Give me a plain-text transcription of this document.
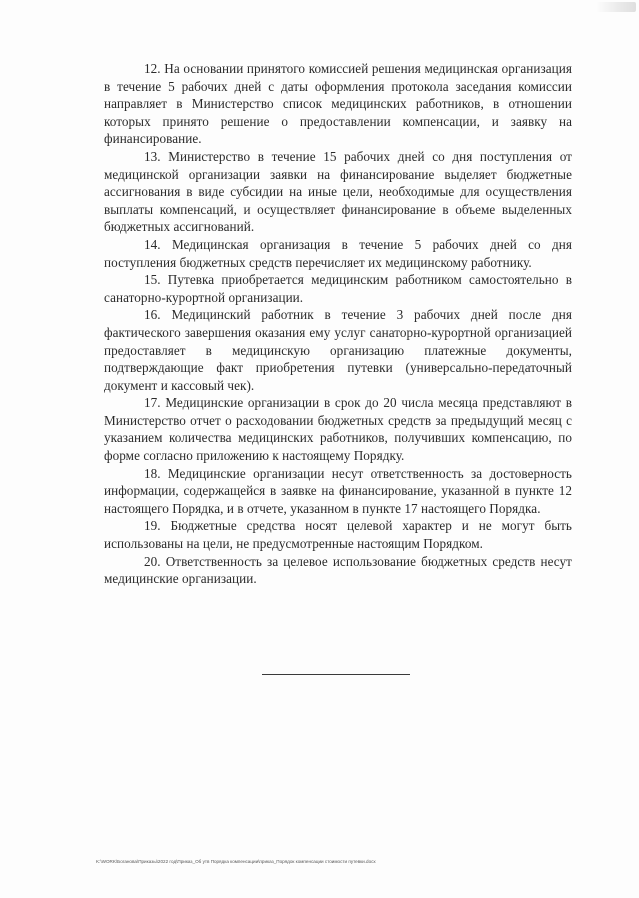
12. На основании принятого комиссией решения медицинская организация в течение 5 рабочих дней с даты оформления протокола заседания комиссии направляет в Министерство список медицинских работников, в отношении которых принято решение о предоставлении компенсации, и заявку на финансирование.

13. Министерство в течение 15 рабочих дней со дня поступления от медицинской организации заявки на финансирование выделяет бюджетные ассигнования в виде субсидии на иные цели, необходимые для осуществления выплаты компенсаций, и осуществляет финансирование в объеме выделенных бюджетных ассигнований.

14. Медицинская организация в течение 5 рабочих дней со дня поступления бюджетных средств перечисляет их медицинскому работнику.

15. Путевка приобретается медицинским работником самостоятельно в санаторно-курортной организации.

16. Медицинский работник в течение 3 рабочих дней после дня фактического завершения оказания ему услуг санаторно-курортной организацией предоставляет в медицинскую организацию платежные документы, подтверждающие факт приобретения путевки (универсально-передаточный документ и кассовый чек).

17. Медицинские организации в срок до 20 числа месяца представляют в Министерство отчет о расходовании бюджетных средств за предыдущий месяц с указанием количества медицинских работников, получивших компенсацию, по форме согласно приложению к настоящему Порядку.

18. Медицинские организации несут ответственность за достоверность информации, содержащейся в заявке на финансирование, указанной в пункте 12 настоящего Порядка, и в отчете, указанном в пункте 17 настоящего Порядка.

19. Бюджетные средства носят целевой характер и не могут быть использованы на цели, не предусмотренные настоящим Порядком.

20. Ответственность за целевое использование бюджетных средств несут медицинские организации.

K:\WORK\Боганова\Приказы\2022 год\Приказ_Об утв Порядка компенсации\приказ_Порядок компенсации стоимости путевки.docx
